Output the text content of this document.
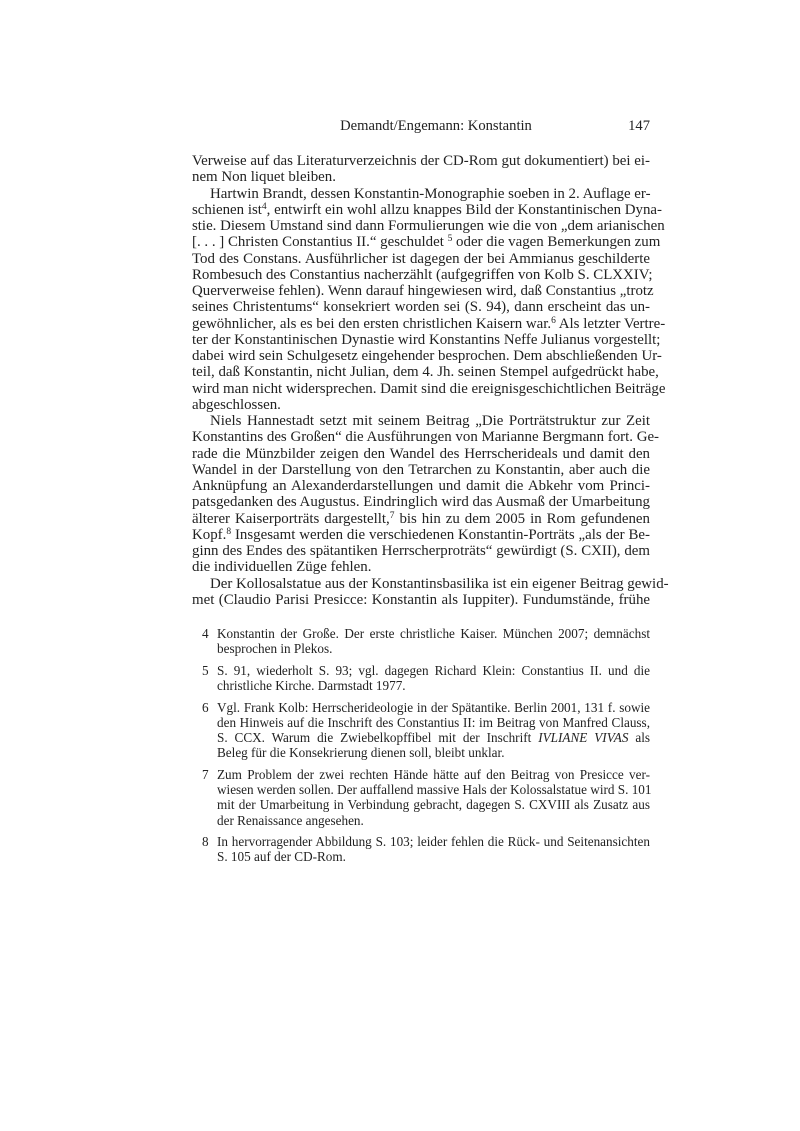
Demandt/Engemann: Konstantin	147
Verweise auf das Literaturverzeichnis der CD-Rom gut dokumentiert) bei ei-
nem Non liquet bleiben.
Hartwin Brandt, dessen Konstantin-Monographie soeben in 2. Auflage er-
schienen ist$^4$, entwirft ein wohl allzu knappes Bild der Konstantinischen Dyna-
stie. Diesem Umstand sind dann Formulierungen wie die von „dem arianischen
[. . . ] Christen Constantius II.“ geschuldet $^5$ oder die vagen Bemerkungen zum
Tod des Constans. Ausführlicher ist dagegen der bei Ammianus geschilderte
Rombesuch des Constantius nacherzählt (aufgegriffen von Kolb S. CLXXIV;
Querverweise fehlen). Wenn darauf hingewiesen wird, daß Constantius „trotz
seines Christentums“ konsekriert worden sei (S. 94), dann erscheint das un-
gewöhnlicher, als es bei den ersten christlichen Kaisern war.$^6$ Als letzter Vertre-
ter der Konstantinischen Dynastie wird Konstantins Neffe Julianus vorgestellt;
dabei wird sein Schulgesetz eingehender besprochen. Dem abschließenden Ur-
teil, daß Konstantin, nicht Julian, dem 4. Jh. seinen Stempel aufgedrückt habe,
wird man nicht widersprechen. Damit sind die ereignisgeschichtlichen Beiträge
abgeschlossen.
Niels Hannestadt setzt mit seinem Beitrag „Die Porträtstruktur zur Zeit
Konstantins des Großen“ die Ausführungen von Marianne Bergmann fort. Ge-
rade die Münzbilder zeigen den Wandel des Herrscherideals und damit den
Wandel in der Darstellung von den Tetrarchen zu Konstantin, aber auch die
Anknüpfung an Alexanderdarstellungen und damit die Abkehr vom Princi-
patsgedanken des Augustus. Eindringlich wird das Ausmaß der Umarbeitung
älterer Kaiserporträts dargestellt,$^7$ bis hin zu dem 2005 in Rom gefundenen
Kopf.$^8$ Insgesamt werden die verschiedenen Konstantin-Porträts „als der Be-
ginn des Endes des spätantiken Herrscherproträts“ gewürdigt (S. CXII), dem
die individuellen Züge fehlen.
Der Kollosalstatue aus der Konstantinsbasilika ist ein eigener Beitrag gewid-
met (Claudio Parisi Presicce: Konstantin als Iuppiter). Fundumstände, frühe
4 Konstantin der Große. Der erste christliche Kaiser. München 2007; demnächst
besprochen in Plekos.
5 S. 91, wiederholt S. 93; vgl. dagegen Richard Klein: Constantius II. und die
christliche Kirche. Darmstadt 1977.
6 Vgl. Frank Kolb: Herrscherideologie in der Spätantike. Berlin 2001, 131 f. sowie
den Hinweis auf die Inschrift des Constantius II: im Beitrag von Manfred Clauss,
S. CCX. Warum die Zwiebelkopffibel mit der Inschrift IVLIANE VIVAS als
Beleg für die Konsekrierung dienen soll, bleibt unklar.
7 Zum Problem der zwei rechten Hände hätte auf den Beitrag von Presicce ver-
wiesen werden sollen. Der auffallend massive Hals der Kolossalstatue wird S. 101
mit der Umarbeitung in Verbindung gebracht, dagegen S. CXVIII als Zusatz aus
der Renaissance angesehen.
8 In hervorragender Abbildung S. 103; leider fehlen die Rück- und Seitenansichten
S. 105 auf der CD-Rom.
